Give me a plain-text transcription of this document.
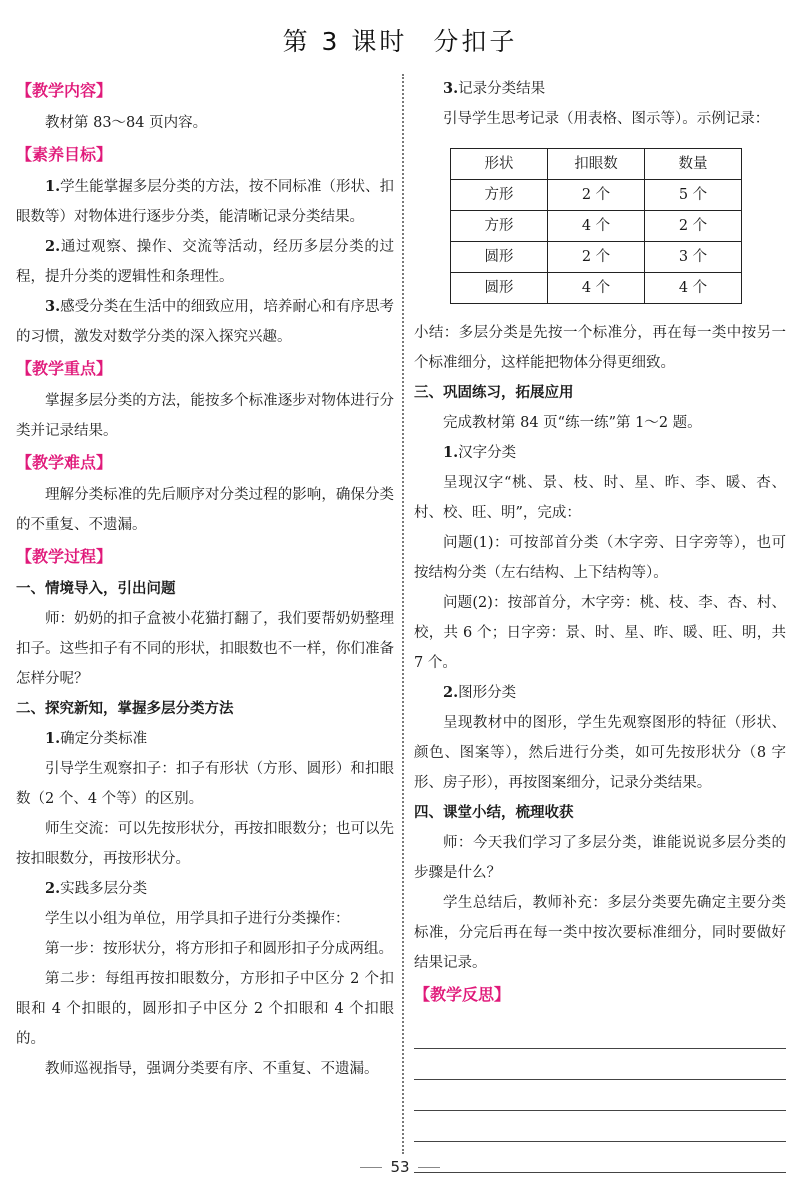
第 3 课时 分扣子
【教学内容】

教材第 83～84 页内容。

【素养目标】

1.学生能掌握多层分类的方法，按不同标准（形状、扣眼数等）对物体进行逐步分类，能清晰记录分类结果。

2.通过观察、操作、交流等活动，经历多层分类的过程，提升分类的逻辑性和条理性。

3.感受分类在生活中的细致应用，培养耐心和有序思考的习惯，激发对数学分类的深入探究兴趣。

【教学重点】

掌握多层分类的方法，能按多个标准逐步对物体进行分类并记录结果。

【教学难点】

理解分类标准的先后顺序对分类过程的影响，确保分类的不重复、不遗漏。

【教学过程】
一、情境导入，引出问题

师：奶奶的扣子盒被小花猫打翻了，我们要帮奶奶整理扣子。这些扣子有不同的形状，扣眼数也不一样，你们准备怎样分呢？

二、探究新知，掌握多层分类方法

1.确定分类标准

引导学生观察扣子：扣子有形状（方形、圆形）和扣眼数（2 个、4 个等）的区别。

师生交流：可以先按形状分，再按扣眼数分；也可以先按扣眼数分，再按形状分。

2.实践多层分类

学生以小组为单位，用学具扣子进行分类操作：

第一步：按形状分，将方形扣子和圆形扣子分成两组。

第二步：每组再按扣眼数分，方形扣子中区分 2 个扣眼和 4 个扣眼的，圆形扣子中区分 2 个扣眼和 4 个扣眼的。

教师巡视指导，强调分类要有序、不重复、不遗漏。

3.记录分类结果

引导学生思考记录（用表格、图示等）。示例记录：

形状	扣眼数	数量
方形	2 个	5 个
方形	4 个	2 个
圆形	2 个	3 个
圆形	4 个	4 个

小结：多层分类是先按一个标准分，再在每一类中按另一个标准细分，这样能把物体分得更细致。

三、巩固练习，拓展应用

完成教材第 84 页“练一练”第 1～2 题。

1.汉字分类

呈现汉字“桃、景、枝、时、星、昨、李、暖、杏、村、校、旺、明”，完成：

问题(1)：可按部首分类（木字旁、日字旁等），也可按结构分类（左右结构、上下结构等）。

问题(2)：按部首分，木字旁：桃、枝、李、杏、村、校，共 6 个；日字旁：景、时、星、昨、暖、旺、明，共 7 个。

2.图形分类

呈现教材中的图形，学生先观察图形的特征（形状、颜色、图案等），然后进行分类，如可先按形状分（8 字形、房子形），再按图案细分，记录分类结果。

四、课堂小结，梳理收获

师：今天我们学习了多层分类，谁能说说多层分类的步骤是什么？

学生总结后，教师补充：多层分类要先确定主要分类标准，分完后再在每一类中按次要标准细分，同时要做好结果记录。

【教学反思】
53
